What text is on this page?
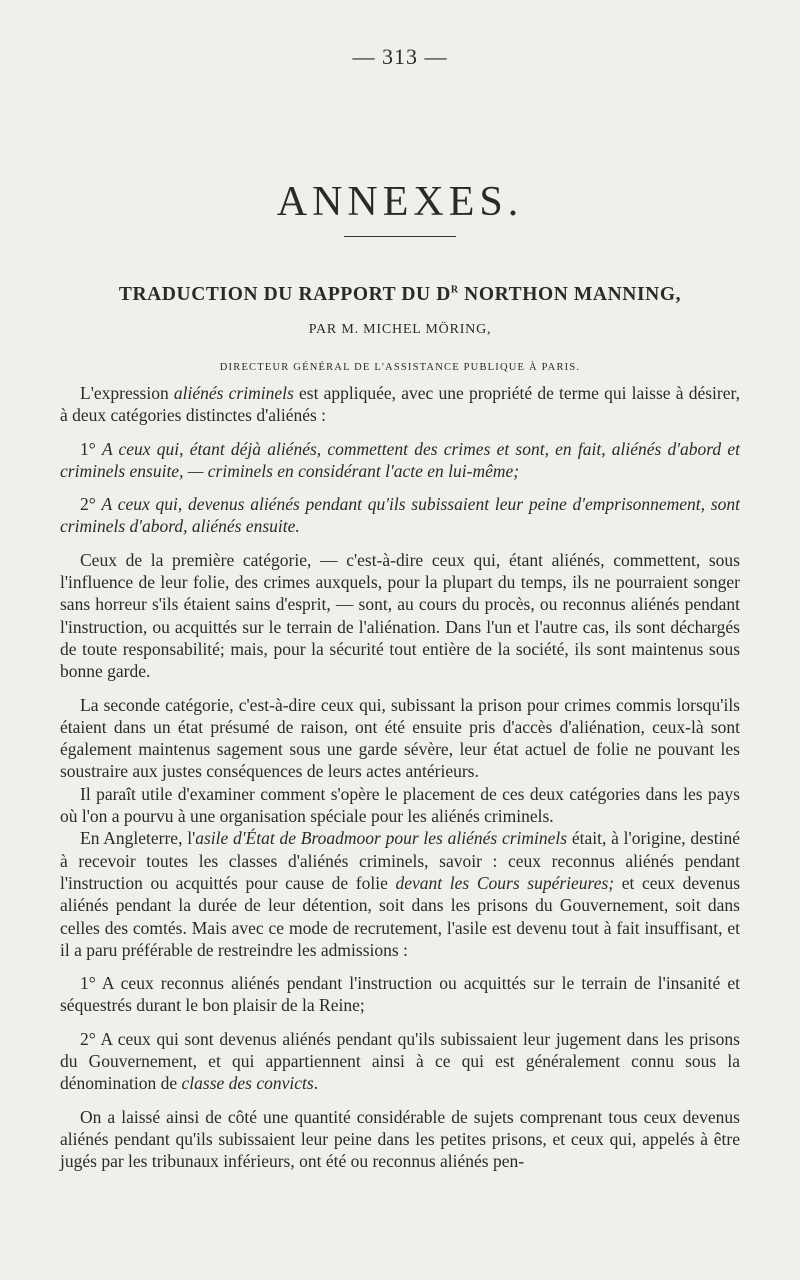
— 313 —
ANNEXES.
TRADUCTION DU RAPPORT DU $D^R$ NORTHON MANNING,
PAR M. MICHEL MÖRING,
DIRECTEUR GÉNÉRAL DE L'ASSISTANCE PUBLIQUE À PARIS.

L'expression aliénés criminels est appliquée, avec une propriété de terme qui laisse à désirer, à deux catégories distinctes d'aliénés :

1° A ceux qui, étant déjà aliénés, commettent des crimes et sont, en fait, aliénés d'abord et criminels ensuite, — criminels en considérant l'acte en lui-même;

2° A ceux qui, devenus aliénés pendant qu'ils subissaient leur peine d'emprisonnement, sont criminels d'abord, aliénés ensuite.

Ceux de la première catégorie, — c'est-à-dire ceux qui, étant aliénés, commettent, sous l'influence de leur folie, des crimes auxquels, pour la plupart du temps, ils ne pourraient songer sans horreur s'ils étaient sains d'esprit, — sont, au cours du procès, ou reconnus aliénés pendant l'instruction, ou acquittés sur le terrain de l'aliénation. Dans l'un et l'autre cas, ils sont déchargés de toute responsabilité; mais, pour la sécurité tout entière de la société, ils sont maintenus sous bonne garde.

La seconde catégorie, c'est-à-dire ceux qui, subissant la prison pour crimes commis lorsqu'ils étaient dans un état présumé de raison, ont été ensuite pris d'accès d'aliénation, ceux-là sont également maintenus sagement sous une garde sévère, leur état actuel de folie ne pouvant les soustraire aux justes conséquences de leurs actes antérieurs.

Il paraît utile d'examiner comment s'opère le placement de ces deux catégories dans les pays où l'on a pourvu à une organisation spéciale pour les aliénés criminels.

En Angleterre, l'asile d'État de Broadmoor pour les aliénés criminels était, à l'origine, destiné à recevoir toutes les classes d'aliénés criminels, savoir : ceux reconnus aliénés pendant l'instruction ou acquittés pour cause de folie devant les Cours supérieures; et ceux devenus aliénés pendant la durée de leur détention, soit dans les prisons du Gouvernement, soit dans celles des comtés. Mais avec ce mode de recrutement, l'asile est devenu tout à fait insuffisant, et il a paru préférable de restreindre les admissions :

1° A ceux reconnus aliénés pendant l'instruction ou acquittés sur le terrain de l'insanité et séquestrés durant le bon plaisir de la Reine;

2° A ceux qui sont devenus aliénés pendant qu'ils subissaient leur jugement dans les prisons du Gouvernement, et qui appartiennent ainsi à ce qui est généralement connu sous la dénomination de classe des convicts.

On a laissé ainsi de côté une quantité considérable de sujets comprenant tous ceux devenus aliénés pendant qu'ils subissaient leur peine dans les petites prisons, et ceux qui, appelés à être jugés par les tribunaux inférieurs, ont été ou reconnus aliénés pen-
